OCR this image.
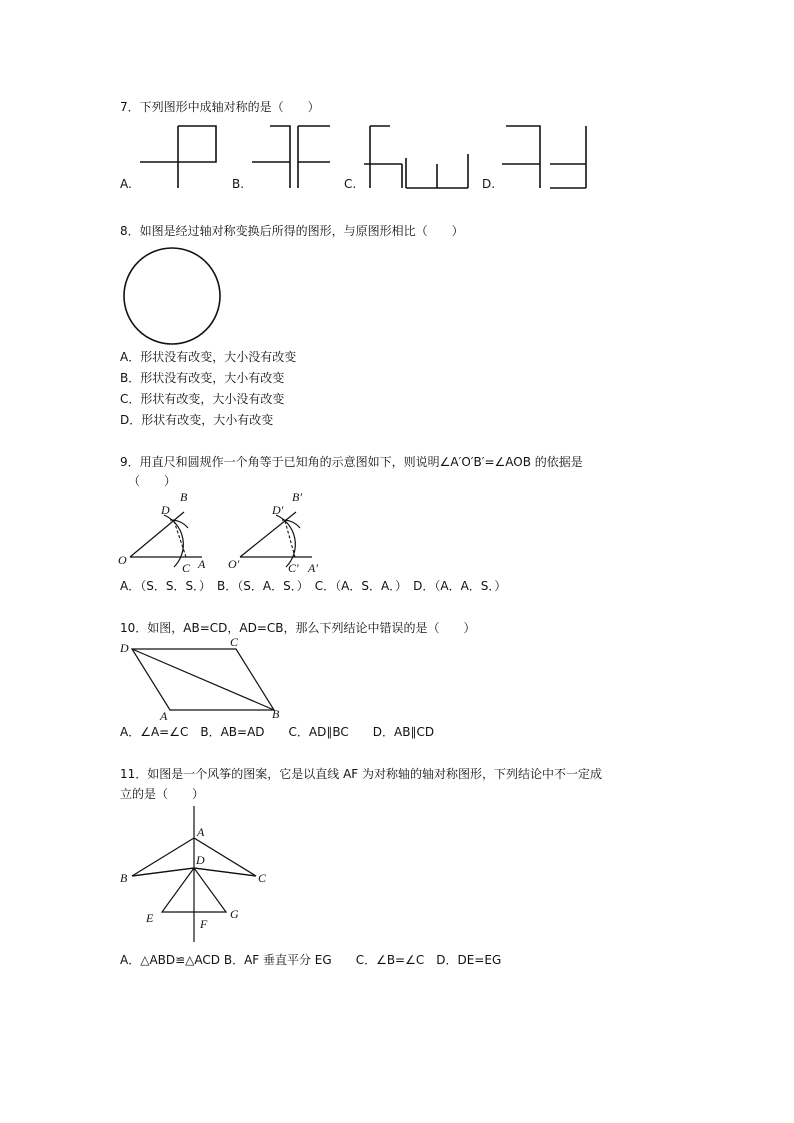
7．下列图形中成轴对称的是（　　）
A.	B.	C.	D.
8．如图是经过轴对称变换后所得的图形，与原图形相比（　　）
A．形状没有改变，大小没有改变
B．形状没有改变，大小有改变
C．形状有改变，大小没有改变
D．形状有改变，大小有改变
9．用直尺和圆规作一个角等于已知角的示意图如下，则说明∠A′O′B′=∠AOB 的依据是
（　　）
D
B
O
C A
D′
B′
O′	C′ A′
A．（S．S．S．）　B．（S．A．S．）　C．（A．S．A．）　D．（A．A．S．）
10．如图，AB=CD，AD=CB，那么下列结论中错误的是（　　）
D	C
A	B
A．∠A=∠C　B．AB=AD　　C．AD∥BC　　D．AB∥CD
11．如图是一个风筝的图案，它是以直线 AF 为对称轴的轴对称图形，下列结论中不一定成
立的是（　　）
A
D
B	C
E	F
G
A．△ABD≌△ACD B．AF 垂直平分 EG　　C．∠B=∠C　D．DE=EG
